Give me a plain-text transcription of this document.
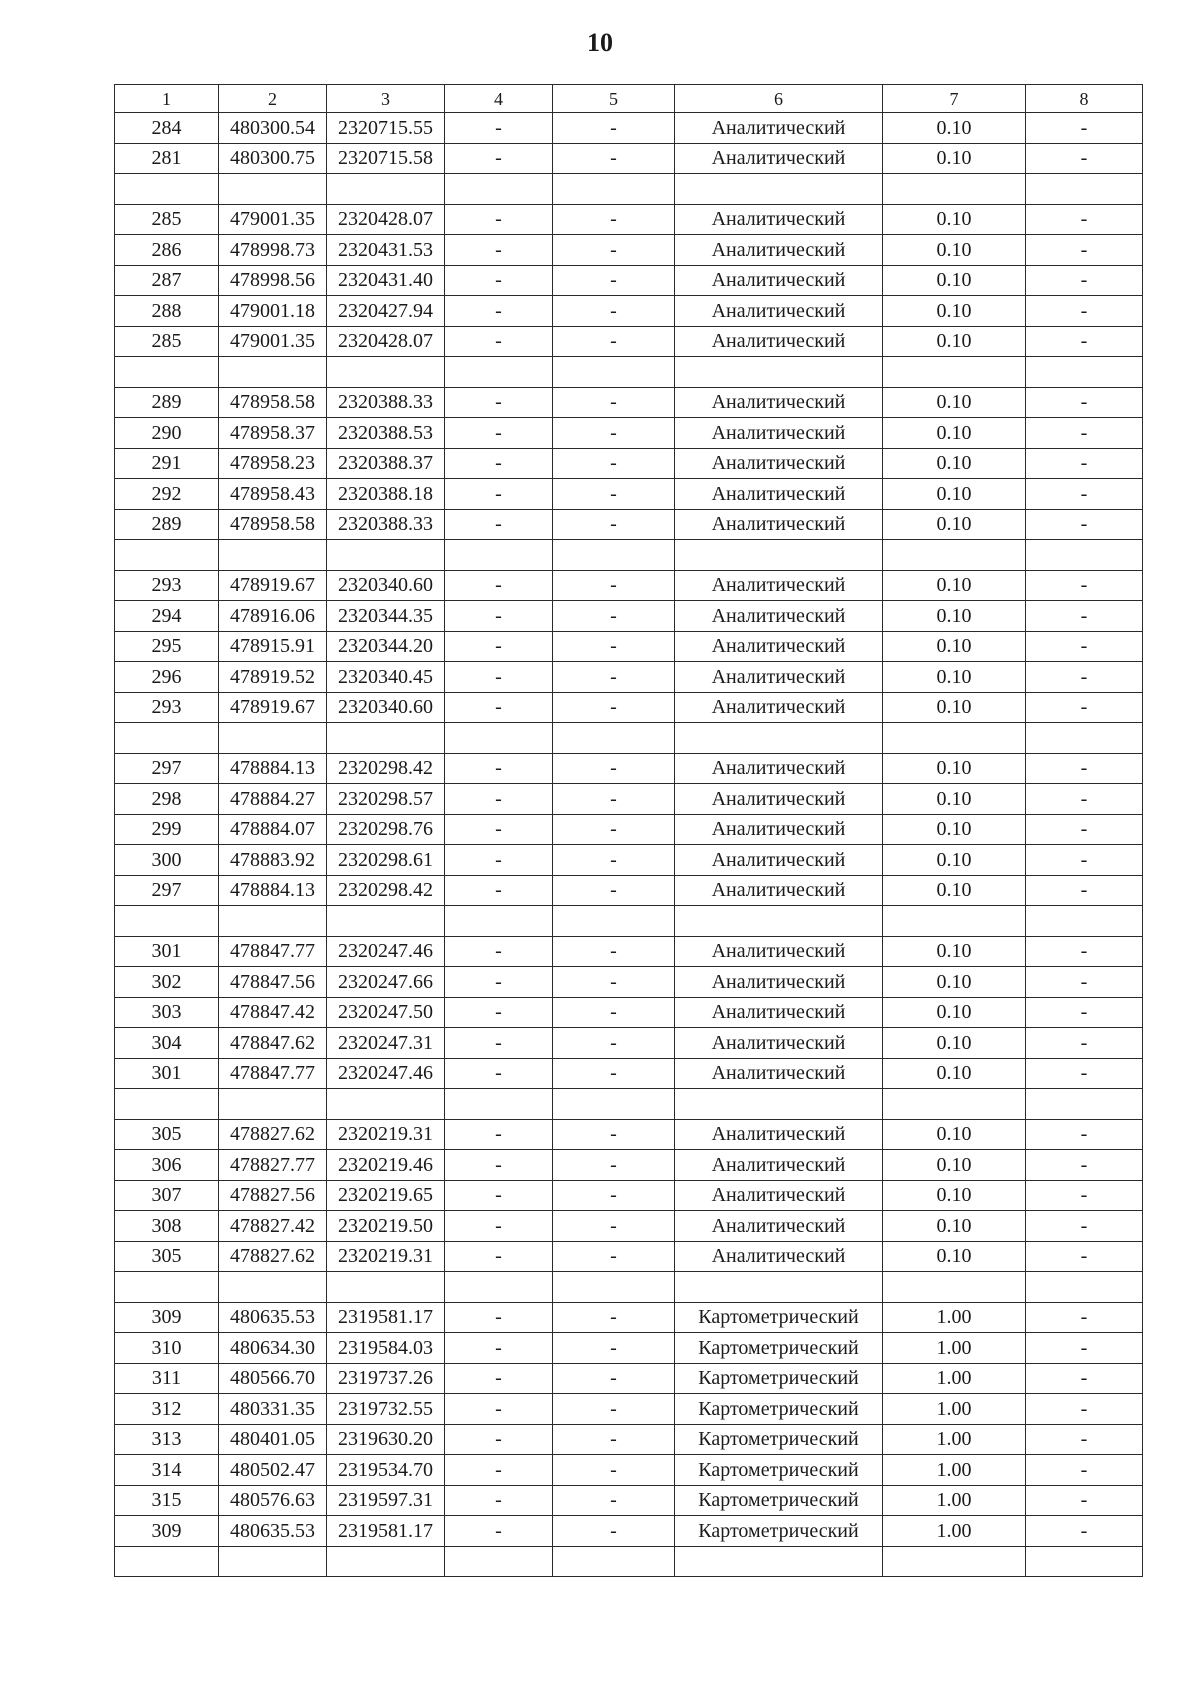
10
1	2	3	4	5	6	7	8
284	480300.54	2320715.55	-	-	Аналитический	0.10	-
281	480300.75	2320715.58	-	-	Аналитический	0.10	-

285	479001.35	2320428.07	-	-	Аналитический	0.10	-
286	478998.73	2320431.53	-	-	Аналитический	0.10	-
287	478998.56	2320431.40	-	-	Аналитический	0.10	-
288	479001.18	2320427.94	-	-	Аналитический	0.10	-
285	479001.35	2320428.07	-	-	Аналитический	0.10	-

289	478958.58	2320388.33	-	-	Аналитический	0.10	-
290	478958.37	2320388.53	-	-	Аналитический	0.10	-
291	478958.23	2320388.37	-	-	Аналитический	0.10	-
292	478958.43	2320388.18	-	-	Аналитический	0.10	-
289	478958.58	2320388.33	-	-	Аналитический	0.10	-

293	478919.67	2320340.60	-	-	Аналитический	0.10	-
294	478916.06	2320344.35	-	-	Аналитический	0.10	-
295	478915.91	2320344.20	-	-	Аналитический	0.10	-
296	478919.52	2320340.45	-	-	Аналитический	0.10	-
293	478919.67	2320340.60	-	-	Аналитический	0.10	-

297	478884.13	2320298.42	-	-	Аналитический	0.10	-
298	478884.27	2320298.57	-	-	Аналитический	0.10	-
299	478884.07	2320298.76	-	-	Аналитический	0.10	-
300	478883.92	2320298.61	-	-	Аналитический	0.10	-
297	478884.13	2320298.42	-	-	Аналитический	0.10	-

301	478847.77	2320247.46	-	-	Аналитический	0.10	-
302	478847.56	2320247.66	-	-	Аналитический	0.10	-
303	478847.42	2320247.50	-	-	Аналитический	0.10	-
304	478847.62	2320247.31	-	-	Аналитический	0.10	-
301	478847.77	2320247.46	-	-	Аналитический	0.10	-

305	478827.62	2320219.31	-	-	Аналитический	0.10	-
306	478827.77	2320219.46	-	-	Аналитический	0.10	-
307	478827.56	2320219.65	-	-	Аналитический	0.10	-
308	478827.42	2320219.50	-	-	Аналитический	0.10	-
305	478827.62	2320219.31	-	-	Аналитический	0.10	-

309	480635.53	2319581.17	-	-	Картометрический	1.00	-
310	480634.30	2319584.03	-	-	Картометрический	1.00	-
311	480566.70	2319737.26	-	-	Картометрический	1.00	-
312	480331.35	2319732.55	-	-	Картометрический	1.00	-
313	480401.05	2319630.20	-	-	Картометрический	1.00	-
314	480502.47	2319534.70	-	-	Картометрический	1.00	-
315	480576.63	2319597.31	-	-	Картометрический	1.00	-
309	480635.53	2319581.17	-	-	Картометрический	1.00	-
